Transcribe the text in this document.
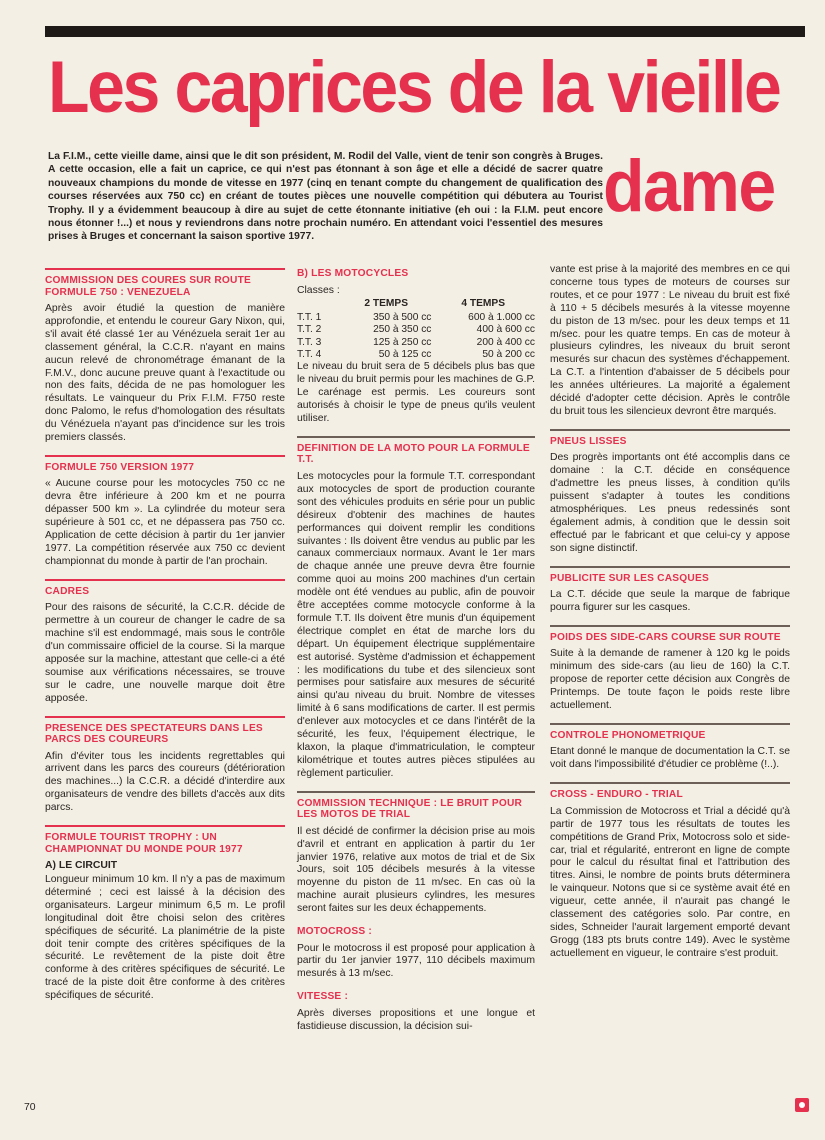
Les caprices de la vieille
dame

La F.I.M., cette vieille dame, ainsi que le dit son président, M. Rodil del Valle, vient de tenir son congrès à Bruges. A cette occasion, elle a fait un caprice, ce qui n'est pas étonnant à son âge et elle a décidé de sacrer quatre nouveaux champions du monde de vitesse en 1977 (cinq en tenant compte du changement de qualification des courses réservées aux 750 cc) en créant de toutes pièces une nouvelle compétition qui débutera au Tourist Trophy. Il y a évidemment beaucoup à dire au sujet de cette étonnante initiative (eh oui : la F.I.M. peut encore nous étonner !...) et nous y reviendrons dans notre prochain numéro. En attendant voici l'essentiel des mesures prises à Bruges et concernant la saison sportive 1977.

COMMISSION DES COURES SUR ROUTE FORMULE 750 : VENEZUELA

Après avoir étudié la question de manière approfondie, et entendu le coureur Gary Nixon, qui, s'il avait été classé 1er au Vénézuela serait 1er au classement général, la C.C.R. n'ayant en mains aucun relevé de chronométrage émanant de la F.M.V., donc aucune preuve quant à l'exactitude ou non des faits, décida de ne pas homologuer les résultats. Le vainqueur du Prix F.I.M. F750 reste donc Palomo, le refus d'homologation des résultats du Vénézuela n'ayant pas d'incidence sur les trois premiers classés.

FORMULE 750 VERSION 1977

« Aucune course pour les motocycles 750 cc ne devra être inférieure à 200 km et ne pourra dépasser 500 km ». La cylindrée du moteur sera supérieure à 501 cc, et ne dépassera pas 750 cc. Application de cette décision à partir du 1er janvier 1977. La compétition réservée aux 750 cc devient championnat du monde à partir de l'an prochain.

CADRES

Pour des raisons de sécurité, la C.C.R. décide de permettre à un coureur de changer le cadre de sa machine s'il est endommagé, mais sous le contrôle d'un commissaire officiel de la course. Si la marque apposée sur la machine, attestant que celle-ci a été soumise aux vérifications nécessaires, se trouve sur le cadre, une nouvelle marque doit être apposée.

PRESENCE DES SPECTATEURS DANS LES PARCS DES COUREURS

Afin d'éviter tous les incidents regrettables qui arrivent dans les parcs des coureurs (détérioration des machines...) la C.C.R. a décidé d'interdire aux organisateurs de vendre des billets d'accès aux dits parcs.

FORMULE TOURIST TROPHY : UN CHAMPIONNAT DU MONDE POUR 1977
A) LE CIRCUIT

Longueur minimum 10 km. Il n'y a pas de maximum déterminé ; ceci est laissé à la décision des organisateurs. Largeur minimum 6,5 m. Le profil longitudinal doit être choisi selon des critères spécifiques de sécurité. La planimétrie de la piste doit tenir compte des critères spécifiques de la sécurité. Le revêtement de la piste doit être conforme à des critères spécifiques de sécurité. Le tracé de la piste doit être conforme à des critères spécifiques de sécurité.

B) LES MOTOCYCLES

Classes :

	2 TEMPS	4 TEMPS
T.T. 1	350 à 500 cc	600 à 1.000 cc
T.T. 2	250 à 350 cc	400 à 600 cc
T.T. 3	125 à 250 cc	200 à 400 cc
T.T. 4	50 à 125 cc	50 à 200 cc

Le niveau du bruit sera de 5 décibels plus bas que le niveau du bruit permis pour les machines de G.P. Le carénage est permis. Les coureurs sont autorisés à choisir le type de pneus qu'ils veulent utiliser.

DEFINITION DE LA MOTO POUR LA FORMULE T.T.

Les motocycles pour la formule T.T. correspondant aux motocycles de sport de production courante sont des véhicules produits en série pour un public désireux d'obtenir des machines de hautes performances qui doivent remplir les conditions suivantes : Ils doivent être vendus au public par les canaux commerciaux normaux. Avant le 1er mars de chaque année une preuve devra être fournie comme quoi au moins 200 machines d'un certain modèle ont été vendues au public, afin de pouvoir être acceptées comme motocycle conforme à la formule T.T. Ils doivent être munis d'un équipement électrique complet en état de marche lors du départ. Un équipement électrique supplémentaire est autorisé. Système d'admission et échappement : les modifications du tube et des silencieux sont permises pour satisfaire aux mesures de sécurité ainsi qu'au niveau du bruit. Nombre de vitesses limité à 6 sans modifications de carter. Il est permis d'enlever aux motocycles et ce dans l'intérêt de la sécurité, les feux, l'équipement électrique, le klaxon, la plaque d'immatriculation, le compteur kilométrique et toutes autres pièces stipulées au règlement particulier.

COMMISSION TECHNIQUE : LE BRUIT POUR LES MOTOS DE TRIAL

Il est décidé de confirmer la décision prise au mois d'avril et entrant en application à partir du 1er janvier 1976, relative aux motos de trial et de Six Jours, soit 105 décibels mesurés à la vitesse moyenne du piston de 11 m/sec. En cas où la machine aurait plusieurs cylindres, les mesures seront faites sur les deux échappements.

MOTOCROSS :

Pour le motocross il est proposé pour application à partir du 1er janvier 1977, 110 décibels maximum mesurés à 13 m/sec.

VITESSE :

Après diverses propositions et une longue et fastidieuse discussion, la décision sui-

vante est prise à la majorité des membres en ce qui concerne tous types de moteurs de courses sur routes, et ce pour 1977 : Le niveau du bruit est fixé à 110 + 5 décibels mesurés à la vitesse moyenne du piston de 13 m/sec. pour les deux temps et 11 m/sec. pour les quatre temps. En cas de moteur à plusieurs cylindres, les niveaux du bruit seront mesurés sur chacun des systèmes d'échappement. La C.T. a l'intention d'abaisser de 5 décibels pour les années ultérieures. La majorité a également décidé d'adopter cette décision. Après le contrôle du bruit tous les silencieux devront être marqués.

PNEUS LISSES

Des progrès importants ont été accomplis dans ce domaine : la C.T. décide en conséquence d'admettre les pneus lisses, à condition qu'ils puissent s'adapter à toutes les conditions atmosphériques. Les pneus redessinés sont également admis, à condition que le dessin soit effectué par le fabricant et que celui-cy y appose son signe distinctif.

PUBLICITE SUR LES CASQUES

La C.T. décide que seule la marque de fabrique pourra figurer sur les casques.

POIDS DES SIDE-CARS COURSE SUR ROUTE

Suite à la demande de ramener à 120 kg le poids minimum des side-cars (au lieu de 160) la C.T. propose de reporter cette décision aux Congrès de Printemps. De toute façon le poids reste libre actuellement.

CONTROLE PHONOMETRIQUE

Etant donné le manque de documentation la C.T. se voit dans l'impossibilité d'étudier ce problème (!..).

CROSS - ENDURO - TRIAL

La Commission de Motocross et Trial a décidé qu'à partir de 1977 tous les résultats de toutes les compétitions de Grand Prix, Motocross solo et side-car, trial et régularité, entreront en ligne de compte pour le calcul du résultat final et l'attribution des titres. Ainsi, le nombre de points bruts déterminera le vainqueur. Notons que si ce système avait été en vigueur, cette année, il n'aurait pas changé le classement des catégories solo. Par contre, en sides, Schneider l'aurait largement emporté devant Grogg (183 pts bruts contre 149). Avec le système actuellement en vigueur, le contraire s'est produit.

70
